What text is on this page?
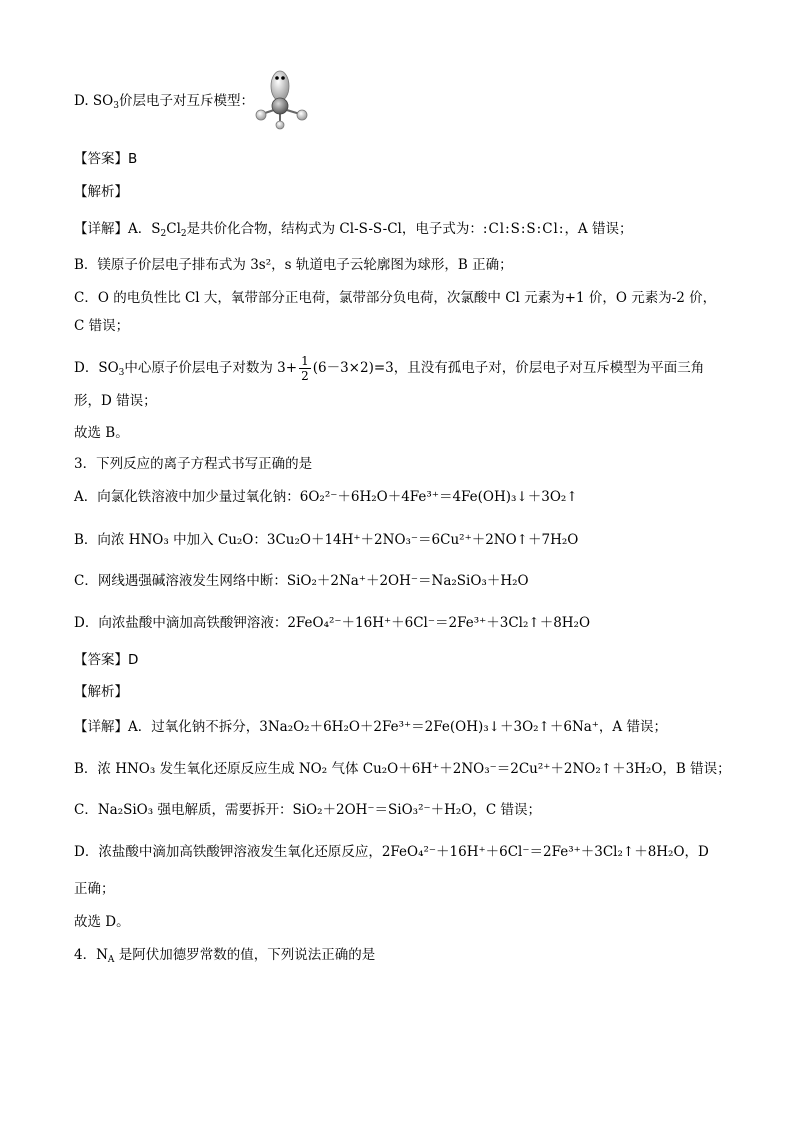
D. $SO_3$价层电子对互斥模型：
【答案】B
【解析】
【详解】A．$S_2Cl_2$是共价化合物，结构式为 Cl-S-S-Cl，电子式为：:Cl:S:S:Cl:，A 错误；
B．镁原子价层电子排布式为 3s²，s 轨道电子云轮廓图为球形，B 正确；
C．O 的电负性比 Cl 大，氧带部分正电荷，氯带部分负电荷，次氯酸中 Cl 元素为+1 价，O 元素为-2 价，
C 错误；
D．$SO_3$中心原子价层电子对数为 $3+ \frac{1}{2} (6-3\times 2)=3$，且没有孤电子对，价层电子对互斥模型为平面三角
形，D 错误；
故选 B。
3．下列反应的离子方程式书写正确的是
A．向氯化铁溶液中加少量过氧化钠：6O₂²⁻＋6H₂O＋4Fe³⁺＝4Fe(OH)₃↓＋3O₂↑
B．向浓 HNO₃ 中加入 Cu₂O：3Cu₂O＋14H⁺＋2NO₃⁻＝6Cu²⁺＋2NO↑＋7H₂O
C．网线遇强碱溶液发生网络中断：SiO₂＋2Na⁺＋2OH⁻＝Na₂SiO₃＋H₂O
D．向浓盐酸中滴加高铁酸钾溶液：2FeO₄²⁻＋16H⁺＋6Cl⁻＝2Fe³⁺＋3Cl₂↑＋8H₂O
【答案】D
【解析】
【详解】A．过氧化钠不拆分，3Na₂O₂＋6H₂O＋2Fe³⁺＝2Fe(OH)₃↓＋3O₂↑＋6Na⁺，A 错误；
B．浓 HNO₃ 发生氧化还原反应生成 NO₂ 气体 Cu₂O＋6H⁺＋2NO₃⁻＝2Cu²⁺＋2NO₂↑＋3H₂O，B 错误；
C．Na₂SiO₃ 强电解质，需要拆开：SiO₂＋2OH⁻＝SiO₃²⁻＋H₂O，C 错误；
D．浓盐酸中滴加高铁酸钾溶液发生氧化还原反应，2FeO₄²⁻＋16H⁺＋6Cl⁻＝2Fe³⁺＋3Cl₂↑＋8H₂O，D
正确；
故选 D。
4．$N_A$ 是阿伏加德罗常数的值，下列说法正确的是
